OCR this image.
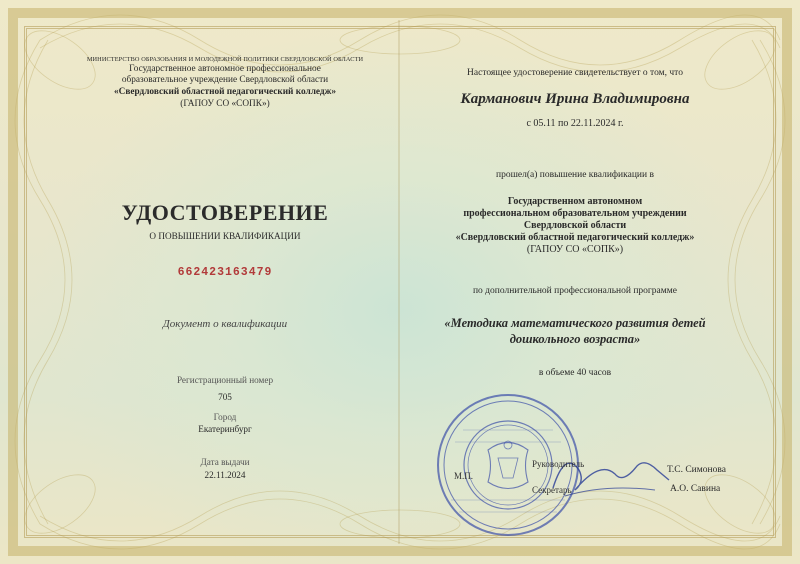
МИНИСТЕРСТВО ОБРАЗОВАНИЯ И МОЛОДЕЖНОЙ ПОЛИТИКИ СВЕРДЛОВСКОЙ ОБЛАСТИ
Государственное автономное профессиональное
образовательное учреждение Свердловской области
«Свердловский областной педагогический колледж»
(ГАПОУ СО «СОПК»)
УДОСТОВЕРЕНИЕ
О ПОВЫШЕНИИ КВАЛИФИКАЦИИ
662423163479
Документ о квалификации
Регистрационный номер
705
Город
Екатеринбург
Дата выдачи
22.11.2024
Настоящее удостоверение свидетельствует о том, что
Карманович Ирина Владимировна
с 05.11 по 22.11.2024 г.
прошел(а) повышение квалификации в
Государственном автономном
профессиональном образовательном учреждении
Свердловской области
«Свердловский областной педагогический колледж»
(ГАПОУ СО «СОПК»)
по дополнительной профессиональной программе
«Методика математического развития детей
дошкольного возраста»
в объеме 40 часов
М.П.
Руководитель
Секретарь
Т.С. Симонова
А.О. Савина
